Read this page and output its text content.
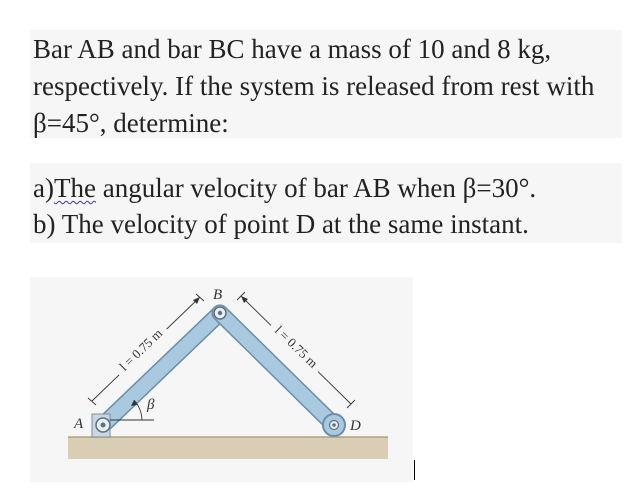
Bar AB and bar BC have a mass of 10 and 8 kg,
respectively. If the system is released from rest with
β=45°, determine:
a)The angular velocity of bar AB when β=30°.
b) The velocity of point D at the same instant.
l = 0.75 m	l = 0.75 m
β
A
B
D
